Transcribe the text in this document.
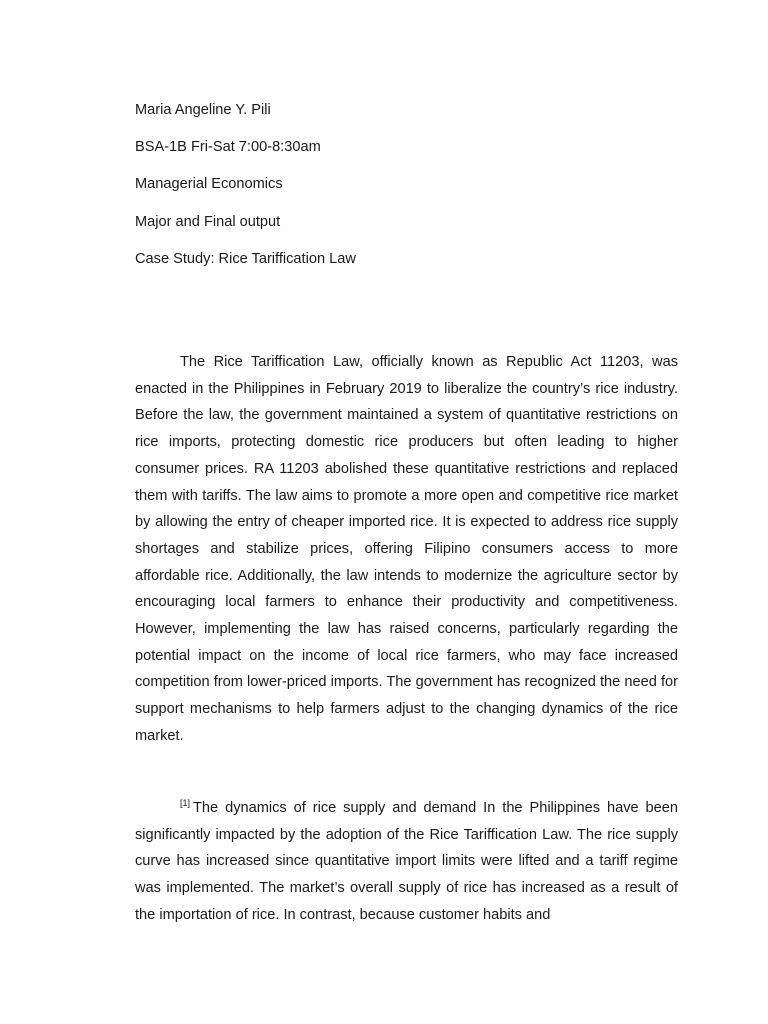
Maria Angeline Y. Pili

BSA-1B Fri-Sat 7:00-8:30am

Managerial Economics

Major and Final output

Case Study: Rice Tariffication Law

The Rice Tariffication Law, officially known as Republic Act 11203, was enacted in the Philippines in February 2019 to liberalize the country’s rice industry. Before the law, the government maintained a system of quantitative restrictions on rice imports, protecting domestic rice producers but often leading to higher consumer prices. RA 11203 abolished these quantitative restrictions and replaced them with tariffs. The law aims to promote a more open and competitive rice market by allowing the entry of cheaper imported rice. It is expected to address rice supply shortages and stabilize prices, offering Filipino consumers access to more affordable rice. Additionally, the law intends to modernize the agriculture sector by encouraging local farmers to enhance their productivity and competitiveness. However, implementing the law has raised concerns, particularly regarding the potential impact on the income of local rice farmers, who may face increased competition from lower-priced imports. The government has recognized the need for support mechanisms to help farmers adjust to the changing dynamics of the rice market.

[1] The dynamics of rice supply and demand In the Philippines have been significantly impacted by the adoption of the Rice Tariffication Law. The rice supply curve has increased since quantitative import limits were lifted and a tariff regime was implemented. The market’s overall supply of rice has increased as a result of the importation of rice. In contrast, because customer habits and
